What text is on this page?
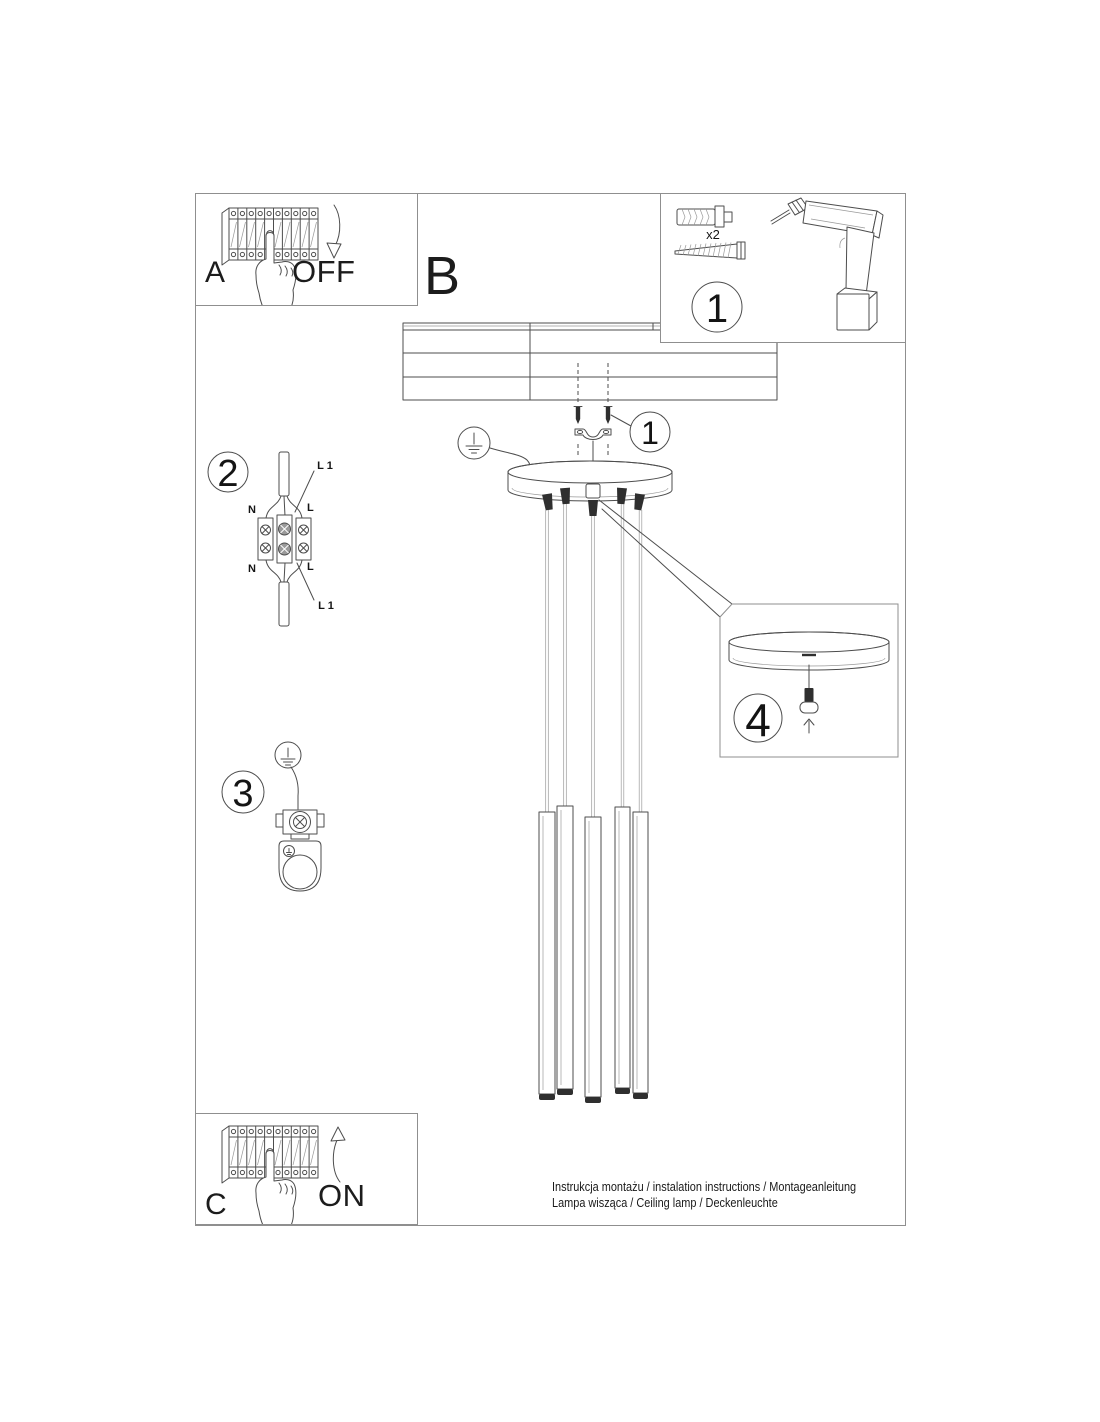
1
4
A OFF B
x2
1
2	L 1
N	L
N	L
L 1
3
C	ON	Instrukcja montażu / instalation instructions / Montageanleitung
Lampa wisząca / Ceiling lamp / Deckenleuchte
